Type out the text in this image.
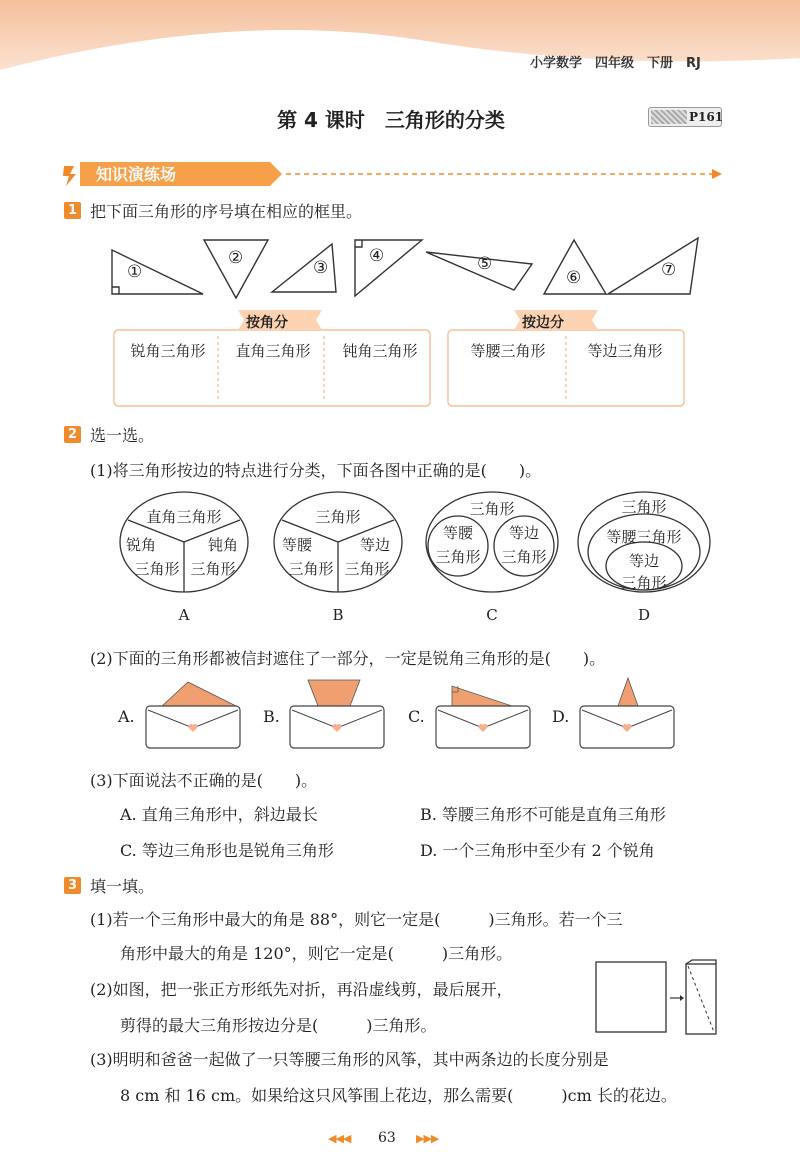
小学数学　四年级　下册　RJ
第 4 课时　三角形的分类	P161
知识演练场
1 把下面三角形的序号填在相应的框里。
①
②	③
④	⑤
⑥	⑦
按角分	按边分
锐角三角形	直角三角形	钝角三角形	等腰三角形	等边三角形
2 选一选。
(1)将三角形按边的特点进行分类，下面各图中正确的是(　　)。
直角三角形
锐角
三角形
钝角
三角形
A
三角形
等腰
三角形
等边
三角形
B
三角形
等腰
三角形
等边
三角形
C
三角形
等腰三角形
等边
三角形
D
(2)下面的三角形都被信封遮住了一部分，一定是锐角三角形的是(　　)。
A.	B.	C.	D.
(3)下面说法不正确的是(　　)。
A. 直角三角形中，斜边最长	B. 等腰三角形不可能是直角三角形
C. 等边三角形也是锐角三角形	D. 一个三角形中至少有 2 个锐角
3 填一填。
(1)若一个三角形中最大的角是 88°，则它一定是(　　　)三角形。若一个三
角形中最大的角是 120°，则它一定是(　　　)三角形。
(2)如图，把一张正方形纸先对折，再沿虚线剪，最后展开，
剪得的最大三角形按边分是(　　　)三角形。
(3)明明和爸爸一起做了一只等腰三角形的风筝，其中两条边的长度分别是
8 cm 和 16 cm。如果给这只风筝围上花边，那么需要(　　　)cm 长的花边。
◀◀◀ 63 ▶▶▶
